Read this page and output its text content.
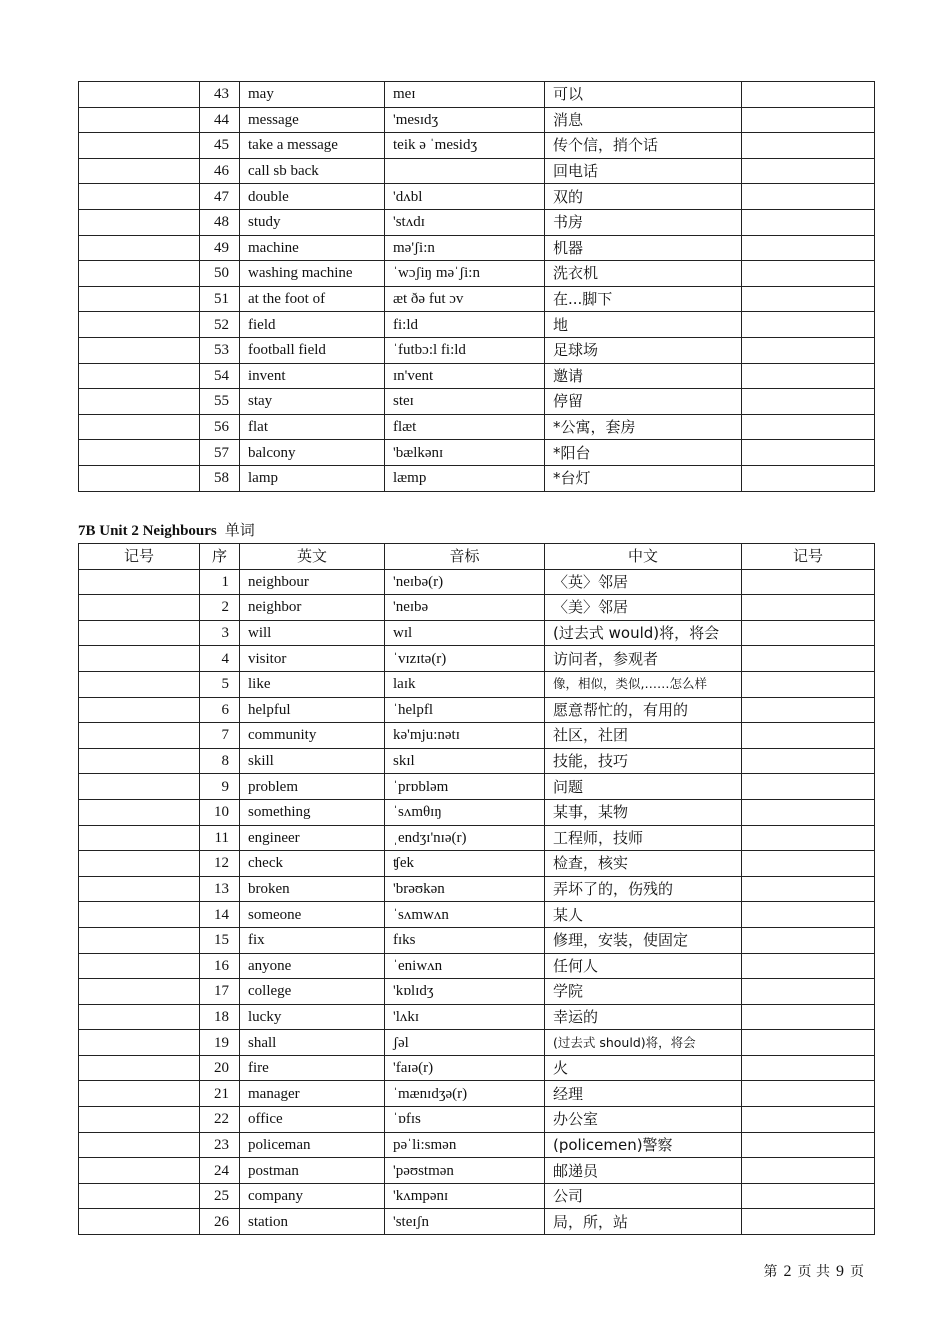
	43	may	meɪ	可以	
	44	message	'mesɪdʒ	消息	
	45	take a message	teik ə ˈmesidʒ	传个信，捎个话	
	46	call sb back		回电话	
	47	double	'dʌbl	双的	
	48	study	'stʌdɪ	书房	
	49	machine	mə'ʃi:n	机器	
	50	washing machine	ˈwɔʃiŋ məˈʃi:n	洗衣机	
	51	at the foot of	æt ðə fut ɔv	在...脚下	
	52	field	fi:ld	地	
	53	football field	ˈfutbɔ:l fi:ld	足球场	
	54	invent	ɪn'vent	邀请	
	55	stay	steɪ	停留	
	56	flat	flæt	*公寓，套房	
	57	balcony	'bælkənɪ	*阳台	
	58	lamp	læmp	*台灯	
7B Unit 2 Neighbours 单词
记号	序	英文	音标	中文	记号
	1	neighbour	'neɪbə(r)	〈英〉邻居	
	2	neighbor	'neɪbə	〈美〉邻居	
	3	will	wɪl	(过去式 would)将，将会	
	4	visitor	ˈvɪzɪtə(r)	访问者，参观者	
	5	like	laɪk	像，相似，类似,……怎么样	
	6	helpful	ˈhelpfl	愿意帮忙的，有用的	
	7	community	kə'mju:nətɪ	社区，社团	
	8	skill	skɪl	技能，技巧	
	9	problem	ˈprɒbləm	问题	
	10	something	ˈsʌmθɪŋ	某事，某物	
	11	engineer	ˌendʒɪ'nɪə(r)	工程师，技师	
	12	check	ʧek	检查，核实	
	13	broken	'brəʊkən	弄坏了的，伤残的	
	14	someone	ˈsʌmwʌn	某人	
	15	fix	fɪks	修理，安装，使固定	
	16	anyone	ˈeniwʌn	任何人	
	17	college	'kɒlɪdʒ	学院	
	18	lucky	'lʌkɪ	幸运的	
	19	shall	ʃəl	(过去式 should)将，将会	
	20	fire	'faɪə(r)	火	
	21	manager	ˈmænɪdʒə(r)	经理	
	22	office	ˈɒfɪs	办公室	
	23	policeman	pəˈli:smən	(policemen)警察	
	24	postman	'pəʊstmən	邮递员	
	25	company	'kʌmpənɪ	公司	
	26	station	'steɪʃn	局，所，站	
第 2 页 共 9 页
